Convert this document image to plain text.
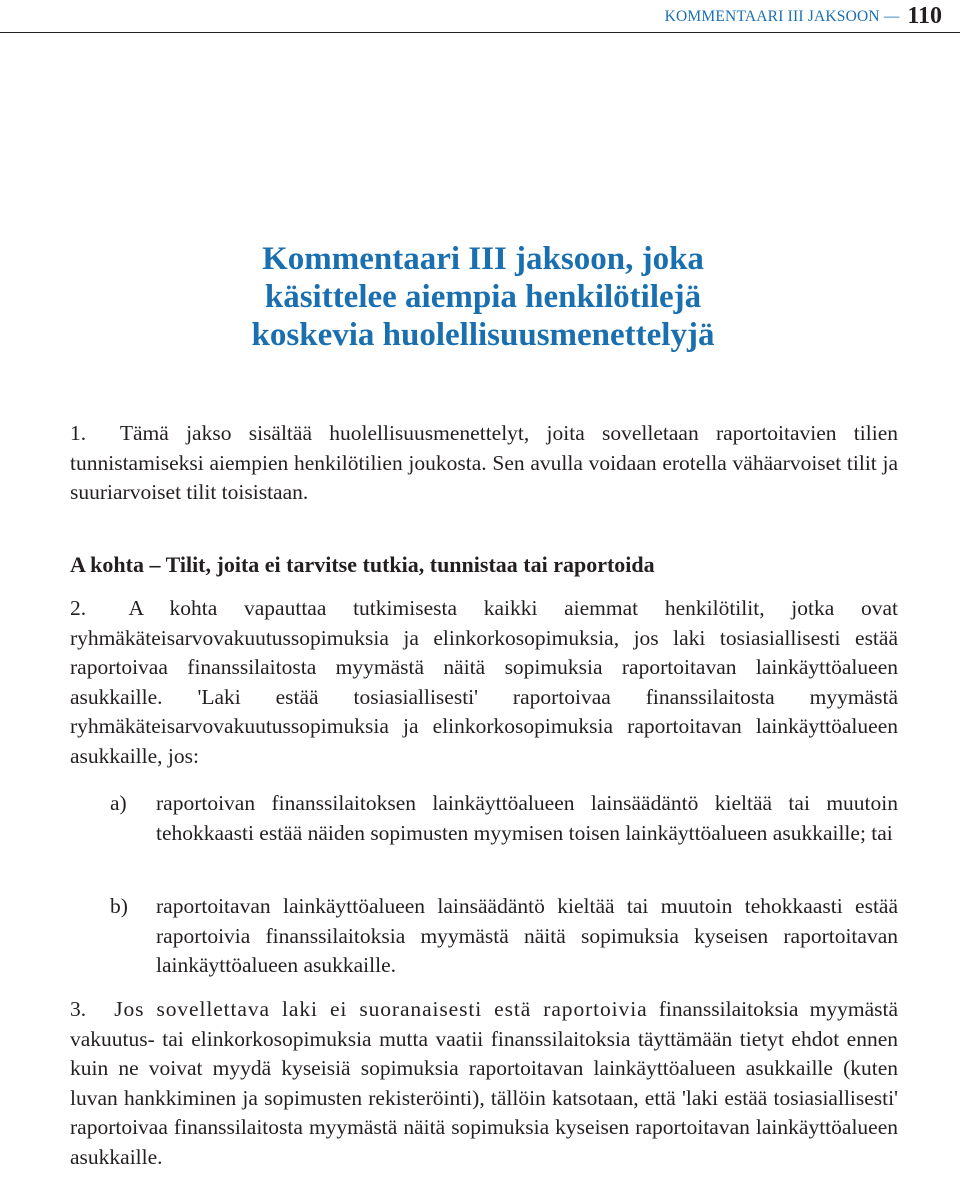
KOMMENTAARI III JAKSOON — 110
Kommentaari III jaksoon, joka
käsittelee aiempia henkilötilejä
koskevia huolellisuusmenettelyjä

1. Tämä jakso sisältää huolellisuusmenettelyt, joita sovelletaan raportoitavien tilien tunnistamiseksi aiempien henkilötilien joukosta. Sen avulla voidaan erotella vähäarvoiset tilit ja suuriarvoiset tilit toisistaan.

A kohta – Tilit, joita ei tarvitse tutkia, tunnistaa tai raportoida

2. A kohta vapauttaa tutkimisesta kaikki aiemmat henkilötilit, jotka ovat ryhmäkäteisarvovakuutussopimuksia ja elinkorkosopimuksia, jos laki tosiasiallisesti estää raportoivaa finanssilaitosta myymästä näitä sopimuksia raportoitavan lainkäyttöalueen asukkaille. 'Laki estää tosiasiallisesti' raportoivaa finanssilaitosta myymästä ryhmäkäteisarvovakuutussopimuksia ja elinkorkosopimuksia raportoitavan lainkäyttöalueen asukkaille, jos:

a) raportoivan finanssilaitoksen lainkäyttöalueen lainsäädäntö kieltää tai muutoin tehokkaasti estää näiden sopimusten myymisen toisen lainkäyttöalueen asukkaille; tai

b) raportoitavan lainkäyttöalueen lainsäädäntö kieltää tai muutoin tehokkaasti estää raportoivia finanssilaitoksia myymästä näitä sopimuksia kyseisen raportoitavan lainkäyttöalueen asukkaille.

3. Jos sovellettava laki ei suoranaisesti estä raportoivia finanssilaitoksia myymästä vakuutus- tai elinkorkosopimuksia mutta vaatii finanssilaitoksia täyttämään tietyt ehdot ennen kuin ne voivat myydä kyseisiä sopimuksia raportoitavan lainkäyttöalueen asukkaille (kuten luvan hankkiminen ja sopimusten rekisteröinti), tällöin katsotaan, että 'laki estää tosiasiallisesti' raportoivaa finanssilaitosta myymästä näitä sopimuksia kyseisen raportoitavan lainkäyttöalueen asukkaille.
